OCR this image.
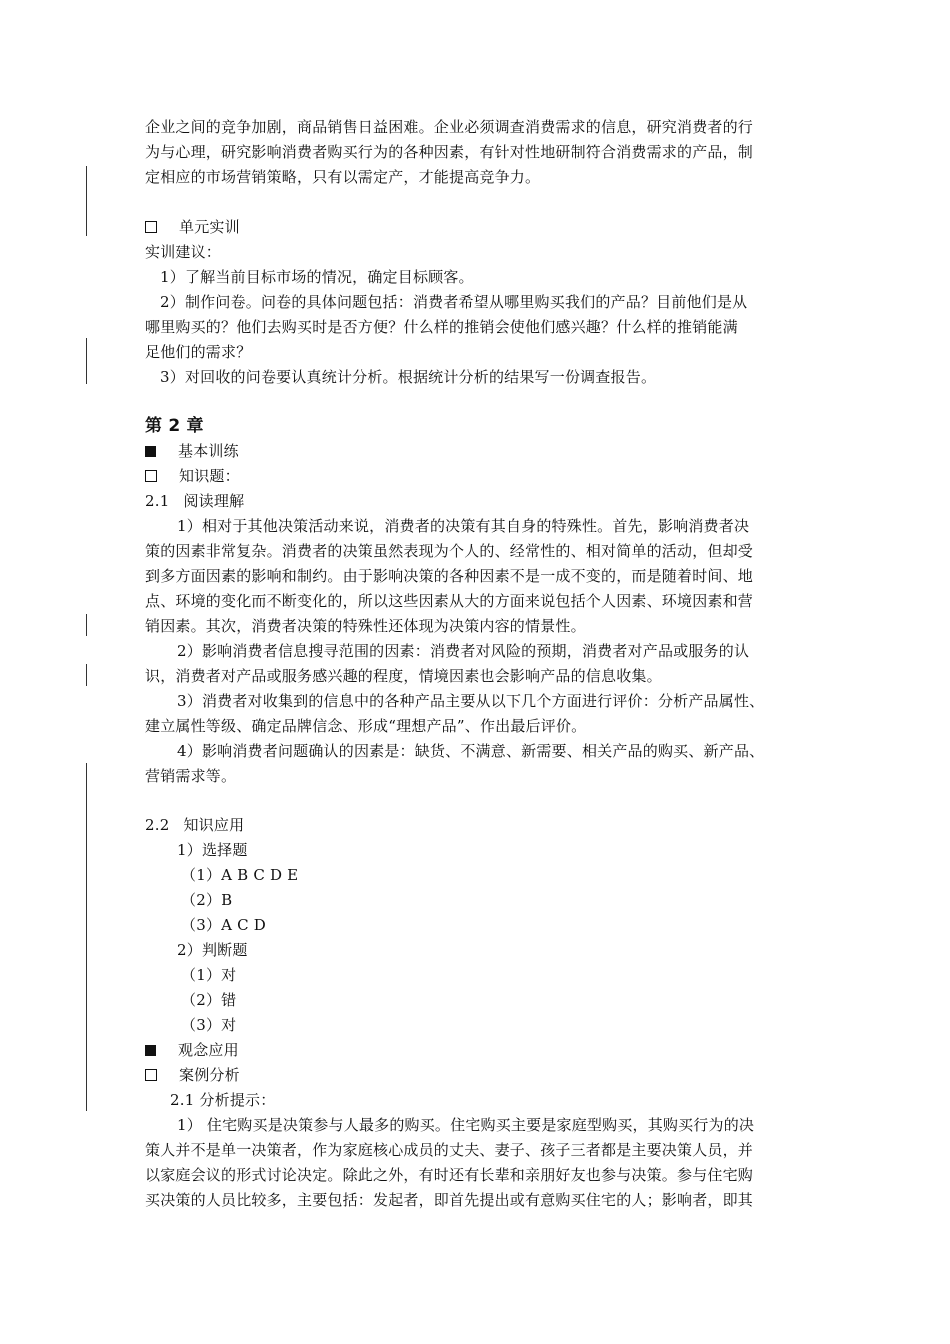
企业之间的竞争加剧，商品销售日益困难。企业必须调查消费需求的信息，研究消费者的行
为与心理，研究影响消费者购买行为的各种因素，有针对性地研制符合消费需求的产品，制
定相应的市场营销策略，只有以需定产，才能提高竞争力。
单元实训
实训建议：
1）了解当前目标市场的情况，确定目标顾客。
2）制作问卷。问卷的具体问题包括：消费者希望从哪里购买我们的产品？目前他们是从
哪里购买的？他们去购买时是否方便？什么样的推销会使他们感兴趣？什么样的推销能满
足他们的需求？
3）对回收的问卷要认真统计分析。根据统计分析的结果写一份调查报告。
第 2 章
基本训练
知识题：
2.1 阅读理解
1）相对于其他决策活动来说，消费者的决策有其自身的特殊性。首先，影响消费者决
策的因素非常复杂。消费者的决策虽然表现为个人的、经常性的、相对简单的活动，但却受
到多方面因素的影响和制约。由于影响决策的各种因素不是一成不变的，而是随着时间、地
点、环境的变化而不断变化的，所以这些因素从大的方面来说包括个人因素、环境因素和营
销因素。其次，消费者决策的特殊性还体现为决策内容的情景性。
2）影响消费者信息搜寻范围的因素：消费者对风险的预期，消费者对产品或服务的认
识，消费者对产品或服务感兴趣的程度，情境因素也会影响产品的信息收集。
3）消费者对收集到的信息中的各种产品主要从以下几个方面进行评价：分析产品属性、
建立属性等级、确定品牌信念、形成“理想产品”、作出最后评价。
4）影响消费者问题确认的因素是：缺货、不满意、新需要、相关产品的购买、新产品、
营销需求等。
2.2 知识应用
1）选择题
（1）A B C D E
（2）B
（3）A C D
2）判断题
（1）对
（2）错
（3）对
观念应用
案例分析
2.1 分析提示：
1） 住宅购买是决策参与人最多的购买。住宅购买主要是家庭型购买，其购买行为的决
策人并不是单一决策者，作为家庭核心成员的丈夫、妻子、孩子三者都是主要决策人员，并
以家庭会议的形式讨论决定。除此之外，有时还有长辈和亲朋好友也参与决策。参与住宅购
买决策的人员比较多，主要包括：发起者，即首先提出或有意购买住宅的人；影响者，即其
